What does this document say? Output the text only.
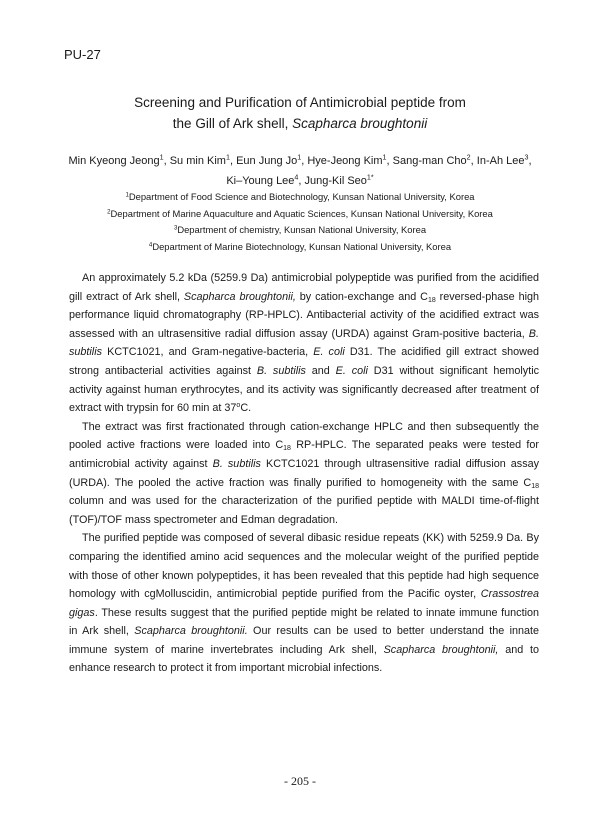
PU-27
Screening and Purification of Antimicrobial peptide from
the Gill of Ark shell, Scapharca broughtonii
Min Kyeong Jeong$^1$, Su min Kim$^1$, Eun Jung Jo$^1$, Hye-Jeong Kim$^1$, Sang-man Cho$^2$, In-Ah Lee$^3$,
Ki–Young Lee$^4$, Jung-Kil Seo$^{1*}$
$^1$Department of Food Science and Biotechnology, Kunsan National University, Korea
$^2$Department of Marine Aquaculture and Aquatic Sciences, Kunsan National University, Korea
$^3$Department of chemistry, Kunsan National University, Korea
$^4$Department of Marine Biotechnology, Kunsan National University, Korea

An approximately 5.2 kDa (5259.9 Da) antimicrobial polypeptide was purified from the acidified gill extract of Ark shell, Scapharca broughtonii, by cation-exchange and $C_{18}$ reversed-phase high performance liquid chromatography (RP-HPLC). Antibacterial activity of the acidified extract was assessed with an ultrasensitive radial diffusion assay (URDA) against Gram-positive bacteria, B. subtilis KCTC1021, and Gram-negative-bacteria, E. coli D31. The acidified gill extract showed strong antibacterial activities against B. subtilis and E. coli D31 without significant hemolytic activity against human erythrocytes, and its activity was significantly decreased after treatment of extract with trypsin for 60 min at 37$^o$C.

The extract was first fractionated through cation-exchange HPLC and then subsequently the pooled active fractions were loaded into $C_{18}$ RP-HPLC. The separated peaks were tested for antimicrobial activity against B. subtilis KCTC1021 through ultrasensitive radial diffusion assay (URDA). The pooled the active fraction was finally purified to homogeneity with the same $C_{18}$ column and was used for the characterization of the purified peptide with MALDI time-of-flight (TOF)/TOF mass spectrometer and Edman degradation.

The purified peptide was composed of several dibasic residue repeats (KK) with 5259.9 Da. By comparing the identified amino acid sequences and the molecular weight of the purified peptide with those of other known polypeptides, it has been revealed that this peptide had high sequence homology with cgMolluscidin, antimicrobial peptide purified from the Pacific oyster, Crassostrea gigas. These results suggest that the purified peptide might be related to innate immune function in Ark shell, Scapharca broughtonii. Our results can be used to better understand the innate immune system of marine invertebrates including Ark shell, Scapharca broughtonii, and to enhance research to protect it from important microbial infections.

- 205 -
